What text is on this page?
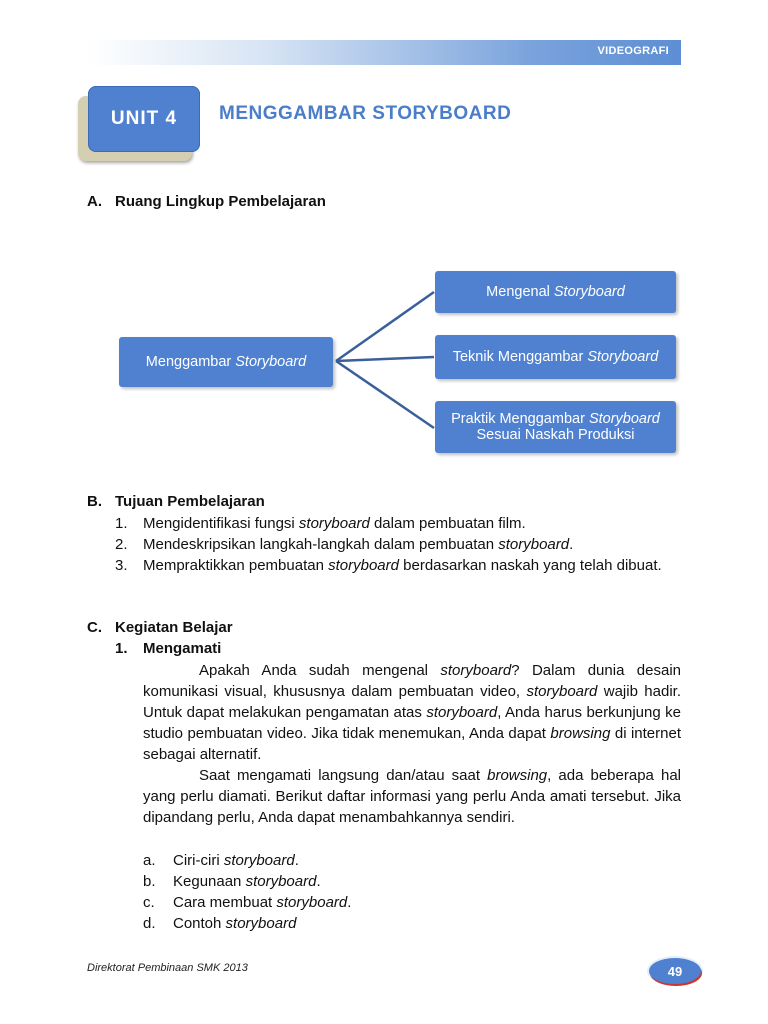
VIDEOGRAFI
UNIT 4	MENGGAMBAR STORYBOARD
A. Ruang Lingkup Pembelajaran
Menggambar Storyboard
Mengenal Storyboard
Teknik Menggambar Storyboard
Praktik Menggambar Storyboard
Sesuai Naskah Produksi
B. Tujuan Pembelajaran
1. Mengidentifikasi fungsi storyboard dalam pembuatan film.
2. Mendeskripsikan langkah-langkah dalam pembuatan storyboard.
3. Mempraktikkan pembuatan storyboard berdasarkan naskah yang telah dibuat.
C. Kegiatan Belajar
1. Mengamati

Apakah Anda sudah mengenal storyboard? Dalam dunia desain komunikasi visual, khususnya dalam pembuatan video, storyboard wajib hadir. Untuk dapat melakukan pengamatan atas storyboard, Anda harus berkunjung ke studio pembuatan video. Jika tidak menemukan, Anda dapat browsing di internet sebagai alternatif.

Saat mengamati langsung dan/atau saat browsing, ada beberapa hal yang perlu diamati. Berikut daftar informasi yang perlu Anda amati tersebut. Jika dipandang perlu, Anda dapat menambahkannya sendiri.

a. Ciri-ciri storyboard.
b. Kegunaan storyboard.
c. Cara membuat storyboard.
d. Contoh storyboard
Direktorat Pembinaan SMK 2013	49
